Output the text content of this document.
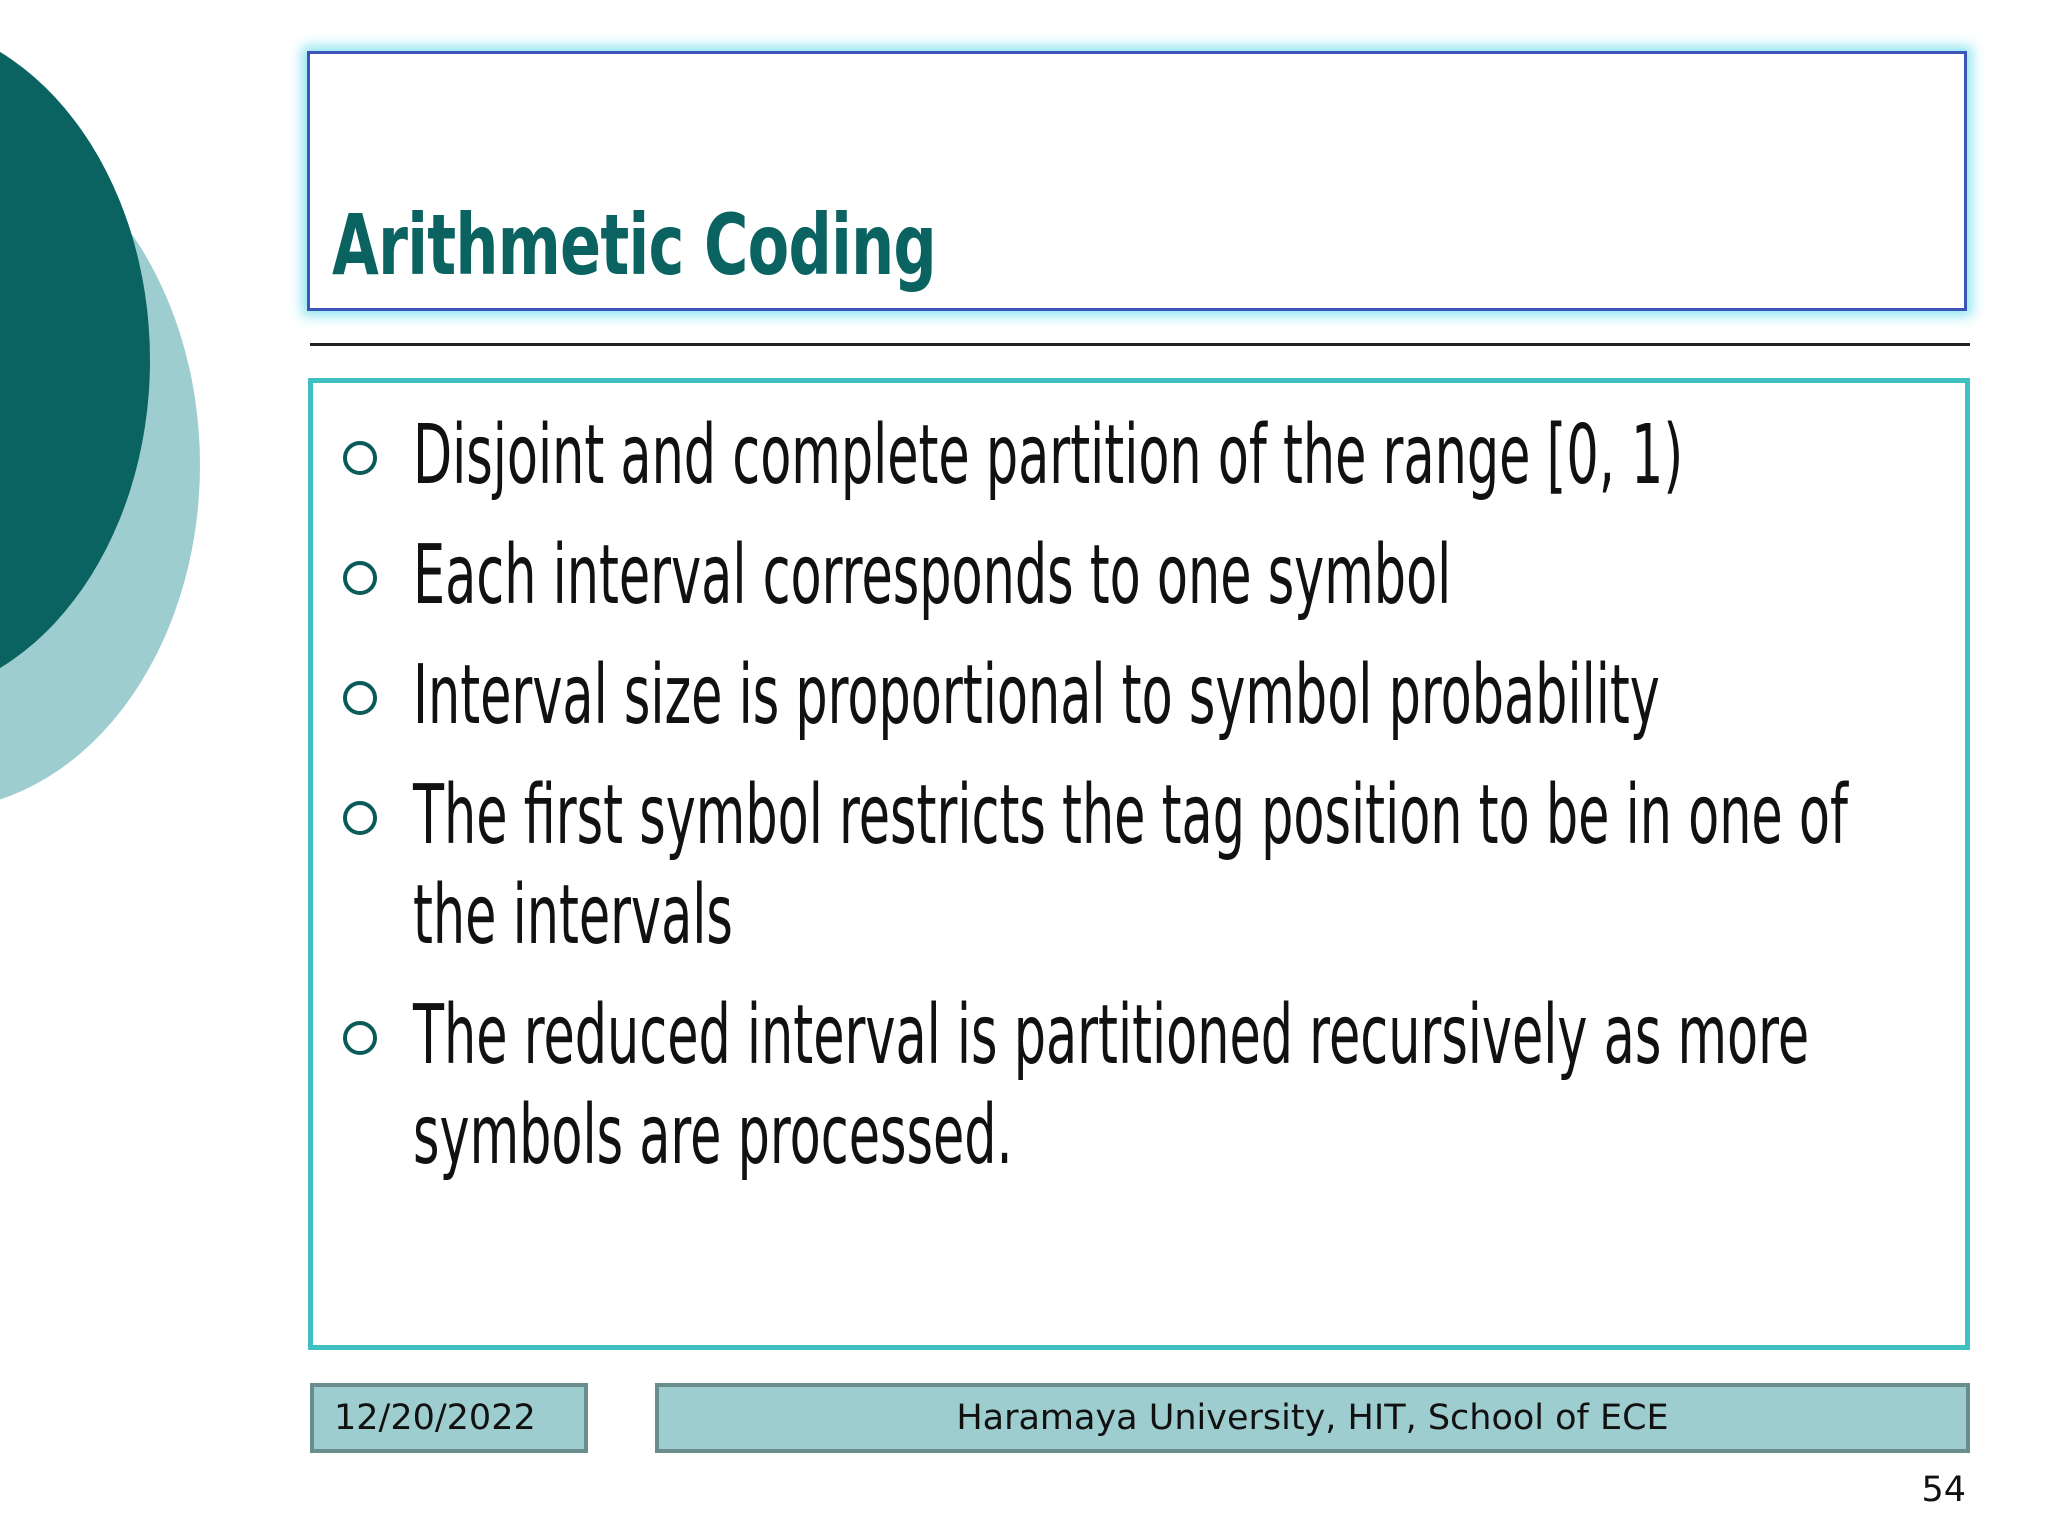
Arithmetic Coding

Disjoint and complete partition of the range [0, 1)

Each interval corresponds to one symbol

Interval size is proportional to symbol probability

The first symbol restricts the tag position to be in one of

the intervals

The reduced interval is partitioned recursively as more

symbols are processed.

12/20/2022	Haramaya University, HIT, School of ECE
54
